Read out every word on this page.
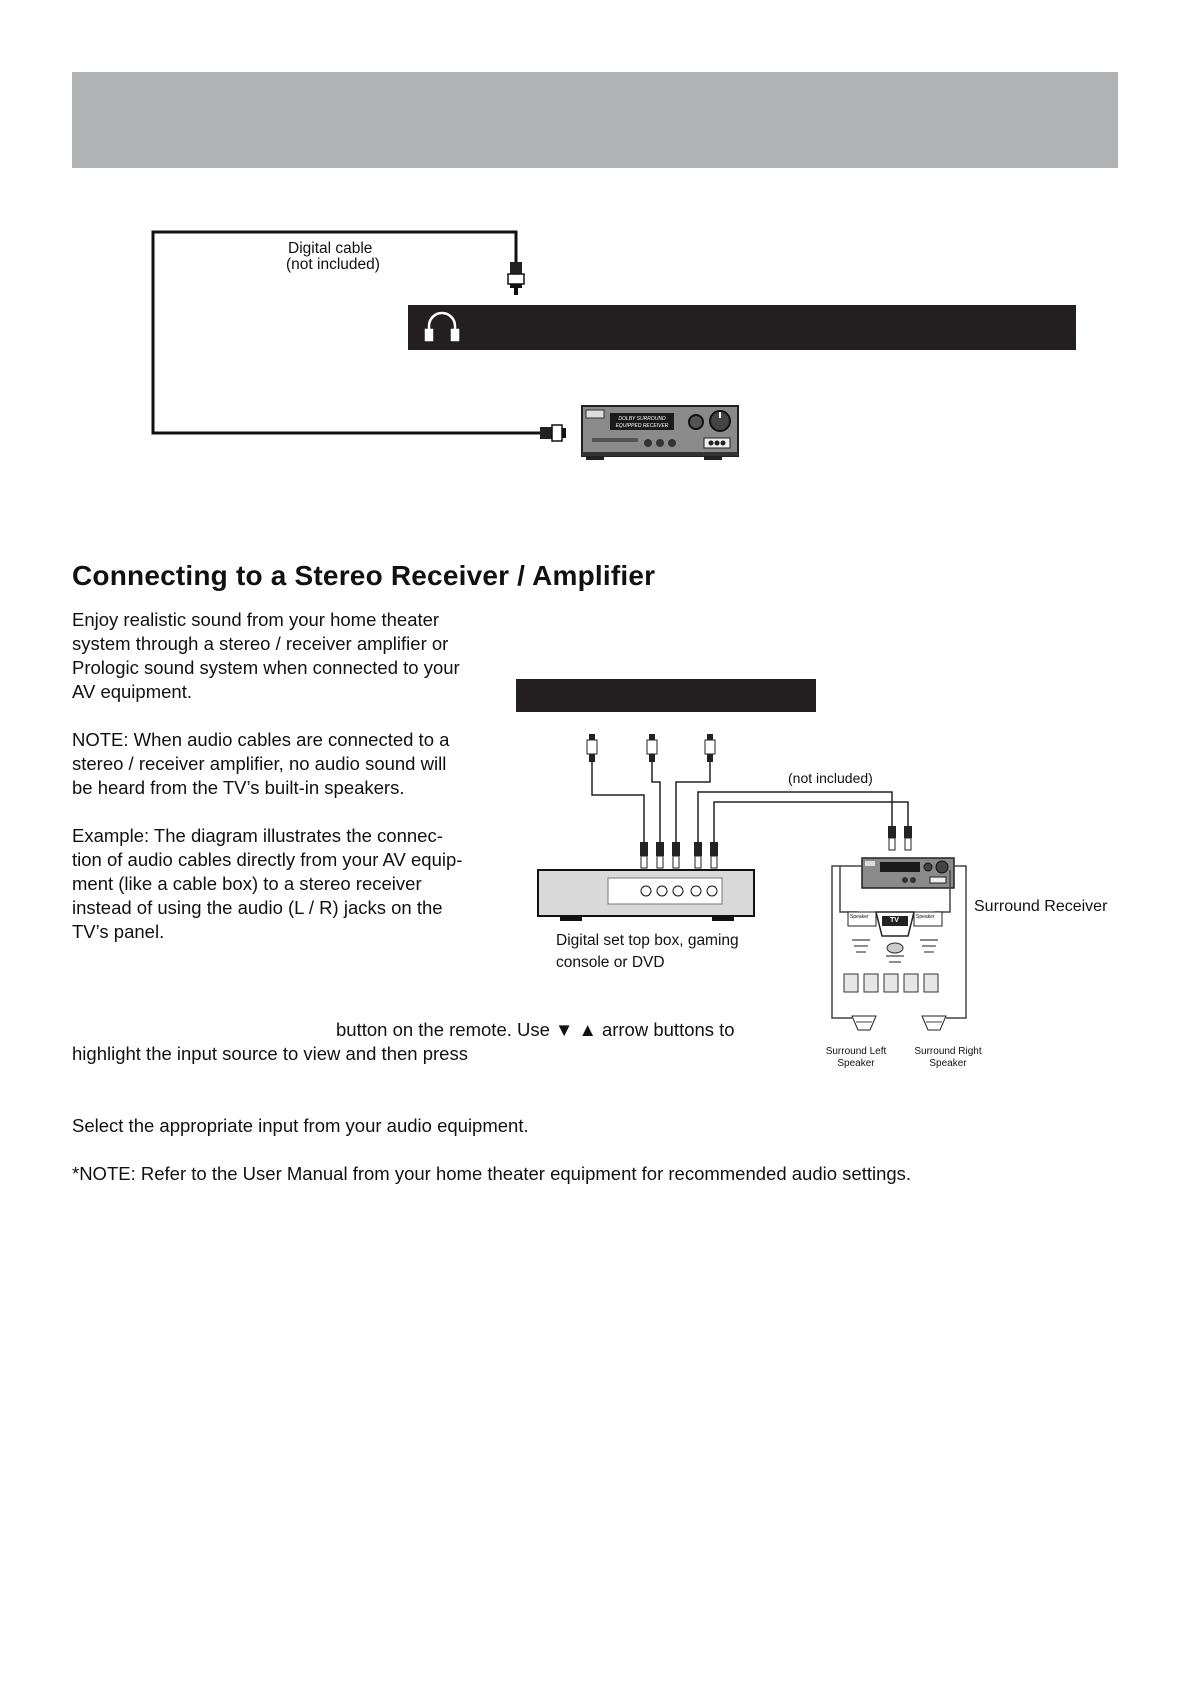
DOLBY SURROUND
EQUIPPED RECEIVER
Digital cable
(not included)
Connecting to a Stereo Receiver / Amplifier
Enjoy realistic sound from your home theater
system through a stereo / receiver amplifier or
Prologic sound system when connected to your
AV equipment.
NOTE: When audio cables are connected to a
stereo / receiver amplifier, no audio sound will
be heard from the TV’s built-in speakers.
Example: The diagram illustrates the connec-
tion of audio cables directly from your AV equip-
ment (like a cable box) to a stereo receiver
instead of using the audio (L / R) jacks on the
TV’s panel.
button on the remote. Use ▼ ▲ arrow buttons to
highlight the input source to view and then press
Select the appropriate input from your audio equipment.
*NOTE: Refer to the User Manual from your home theater equipment for recommended audio settings.
(not included)
Surround Receiver
Digital set top box, gaming
console or DVD
Speaker	Speaker
TV
Surround Left
Speaker
Surround Right
Speaker
